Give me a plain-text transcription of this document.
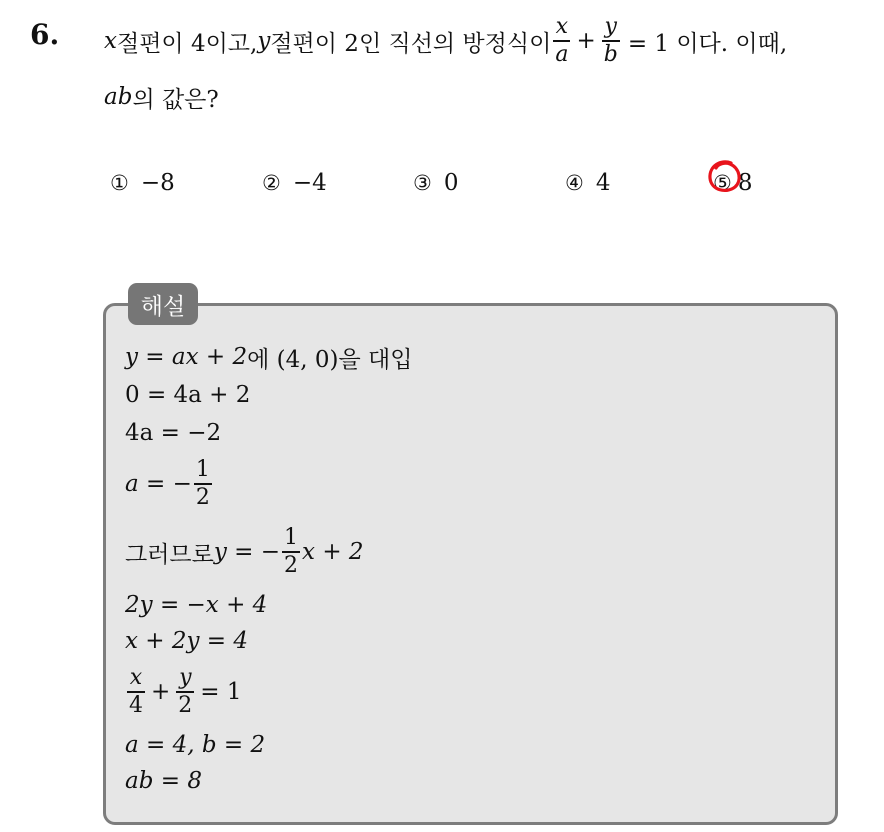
6. x 절편이 4이고, y 절편이 2인 직선의 방정식이 $\frac{x}{a} + \frac{y}{b} = 1$ 이다. 이때,
ab 의 값은?
① −8	② −4	③ 0	④ 4	⑤ 8
해설
y = ax + 2 에 (4, 0)을 대입
0 = 4a + 2
4a = −2
a = − $\frac{1}{2}$
그러므로 y = − $\frac{1}{2}$ x + 2
2y = −x + 4
x + 2y = 4
$\frac{x}{4} + \frac{y}{2} = 1$
a = 4, b = 2
ab = 8
